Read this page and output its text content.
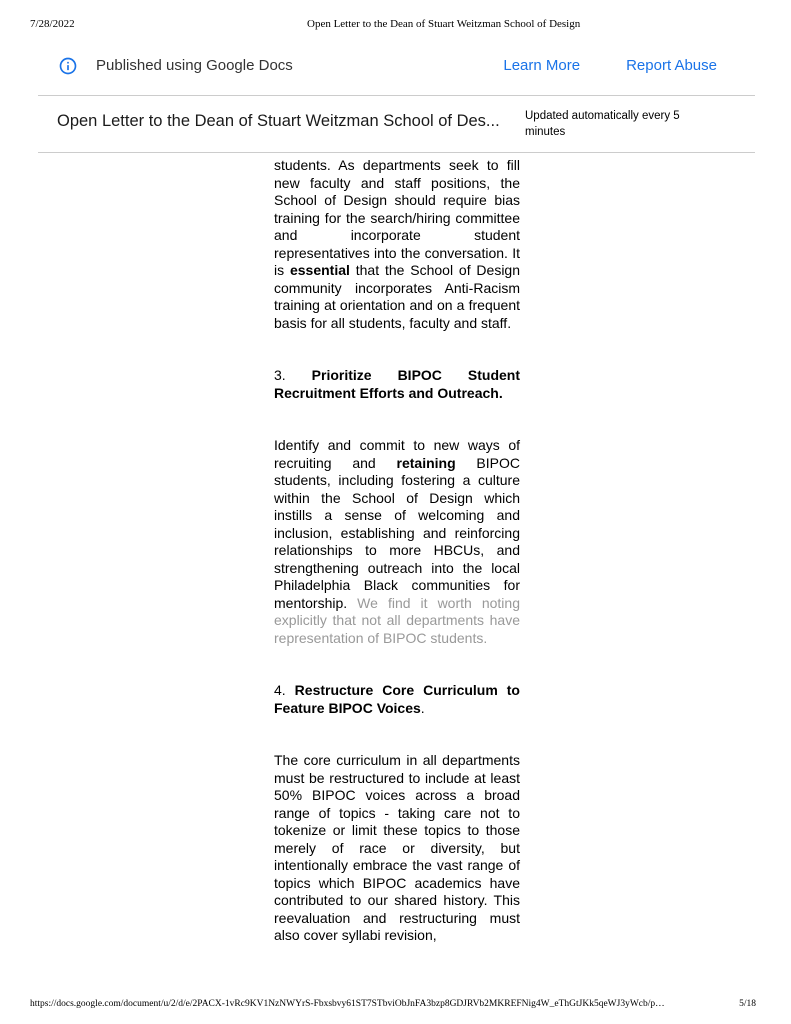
7/28/2022	Open Letter to the Dean of Stuart Weitzman School of Design
Published using Google Docs	Learn More	Report Abuse
Open Letter to the Dean of Stuart Weitzman School of Des... Updated automatically every 5 minutes

students. As departments seek to fill new faculty and staff positions, the School of Design should require bias training for the search/hiring committee and incorporate student representatives into the conversation. It is essential that the School of Design community incorporates Anti-Racism training at orientation and on a frequent basis for all students, faculty and staff.

3. Prioritize BIPOC Student Recruitment Efforts and Outreach.

Identify and commit to new ways of recruiting and retaining BIPOC students, including fostering a culture within the School of Design which instills a sense of welcoming and inclusion, establishing and reinforcing relationships to more HBCUs, and strengthening outreach into the local Philadelphia Black communities for mentorship. We find it worth noting explicitly that not all departments have representation of BIPOC students.

4. Restructure Core Curriculum to Feature BIPOC Voices.

The core curriculum in all departments must be restructured to include at least 50% BIPOC voices across a broad range of topics - taking care not to tokenize or limit these topics to those merely of race or diversity, but intentionally embrace the vast range of topics which BIPOC academics have contributed to our shared history. This reevaluation and restructuring must also cover syllabi revision,

https://docs.google.com/document/u/2/d/e/2PACX-1vRc9KV1NzNWYrS-Fbxsbvy61ST7STbviObJnFA3bzp8GDJRVb2MKREFNig4W_eThGtJKk5qeWJ3yWcb/p…	5/18
